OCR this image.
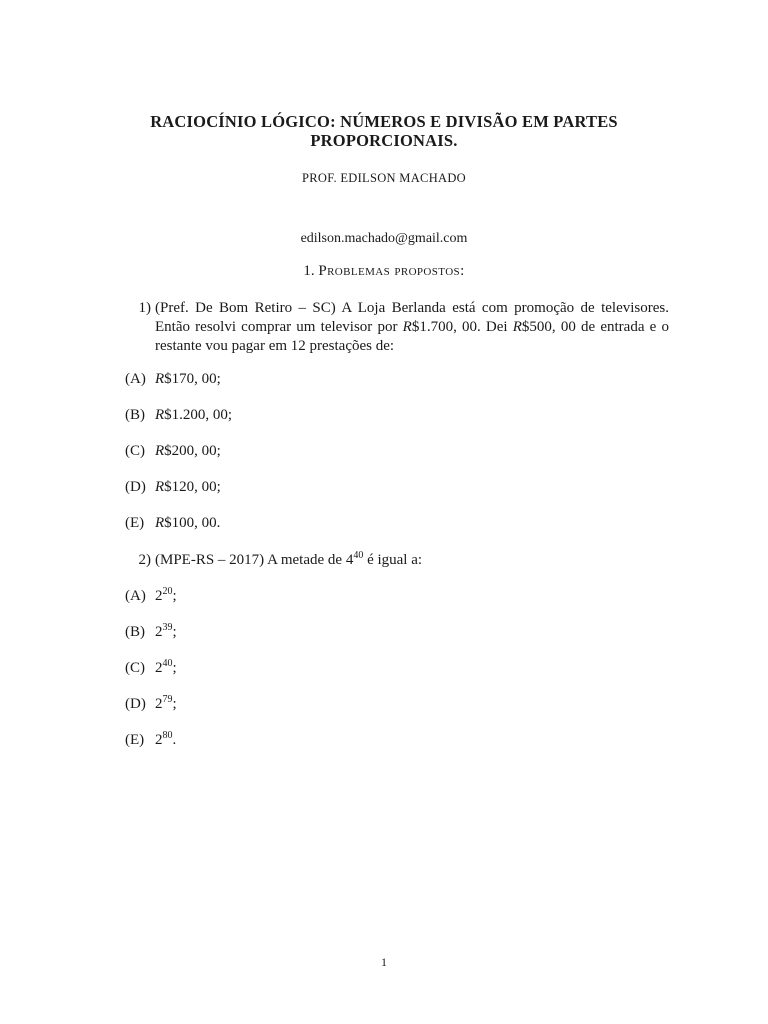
RACIOCÍNIO LÓGICO: NÚMEROS E DIVISÃO EM PARTES
PROPORCIONAIS.
PROF. EDILSON MACHADO
edilson.machado@gmail.com
1. Problemas propostos:
1) (Pref. De Bom Retiro – SC) A Loja Berlanda está com promoção de televisores. Então resolvi comprar um televisor por R$1.700, 00. Dei R$500, 00 de entrada e o restante vou pagar em 12 prestações de:
(A) R$170, 00;
(B) R$1.200, 00;
(C) R$200, 00;
(D) R$120, 00;
(E) R$100, 00.
2) (MPE-RS – 2017) A metade de $4^{40}$ é igual a:
(A) $2^{20}$;
(B) $2^{39}$;
(C) $2^{40}$;
(D) $2^{79}$;
(E) $2^{80}$.
1
